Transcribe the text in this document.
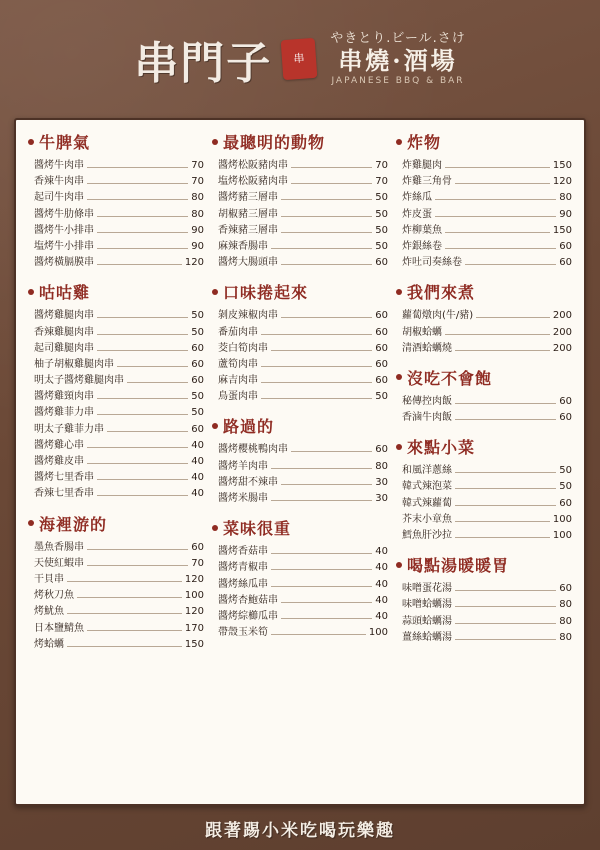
串門子	串
やきとり.ビール.さけ
串燒·酒場
JAPANESE BBQ & BAR
牛脾氣
醬烤牛肉串	70
香辣牛肉串	70
起司牛肉串	80
醬烤牛肋條串	80
醬烤牛小排串	90
塩烤牛小排串	90
醬烤橫膈膜串	120
咕咕雞
醬烤雞腿肉串	50
香辣雞腿肉串	50
起司雞腿肉串	60
柚子胡椒雞腿肉串	60
明太子醬烤雞腿肉串	60
醬烤雞頸肉串	50
醬烤雞菲力串	50
明太子雞菲力串	60
醬烤雞心串	40
醬烤雞皮串	40
醬烤七里香串	40
香辣七里香串	40
海裡游的
墨魚香腸串	60
天使紅蝦串	70
干貝串	120
烤秋刀魚	100
烤魷魚	120
日本鹽鯖魚	170
烤蛤蠣	150
最聰明的動物
醬烤松阪豬肉串	70
塩烤松阪豬肉串	70
醬烤豬三層串	50
胡椒豬三層串	50
香辣豬三層串	50
麻辣香腸串	50
醬烤大腸頭串	60
口味捲起來
剝皮辣椒肉串	60
番茄肉串	60
茭白筍肉串	60
蘆筍肉串	60
麻吉肉串	60
鳥蛋肉串	50
路過的
醬烤櫻桃鴨肉串	60
醬烤羊肉串	80
醬烤甜不辣串	30
醬烤米腸串	30
菜味很重
醬烤香菇串	40
醬烤青椒串	40
醬烤絲瓜串	40
醬烤杏鮑菇串	40
醬烤綜櫛瓜串	40
帶殼玉米筍	100
炸物
炸雞腿肉	150
炸雞三角骨	120
炸絲瓜	80
炸皮蛋	90
炸柳葉魚	150
炸銀絲卷	60
炸吐司奏絲卷	60
我們來煮
蘿蔔燉肉(牛/豬)	200
胡椒蛤蠣	200
清酒蛤蠣燒	200
沒吃不會飽
秘傳控肉飯	60
香滷牛肉飯	60
來點小菜
和風洋蔥絲	50
韓式辣泡菜	50
韓式辣蘿蔔	60
芥末小章魚	100
鱈魚肝沙拉	100
喝點湯暖暖胃
味噌蛋花湯	60
味噌蛤蠣湯	80
蒜頭蛤蠣湯	80
薑絲蛤蠣湯	80
跟著踢小米吃喝玩樂趣
